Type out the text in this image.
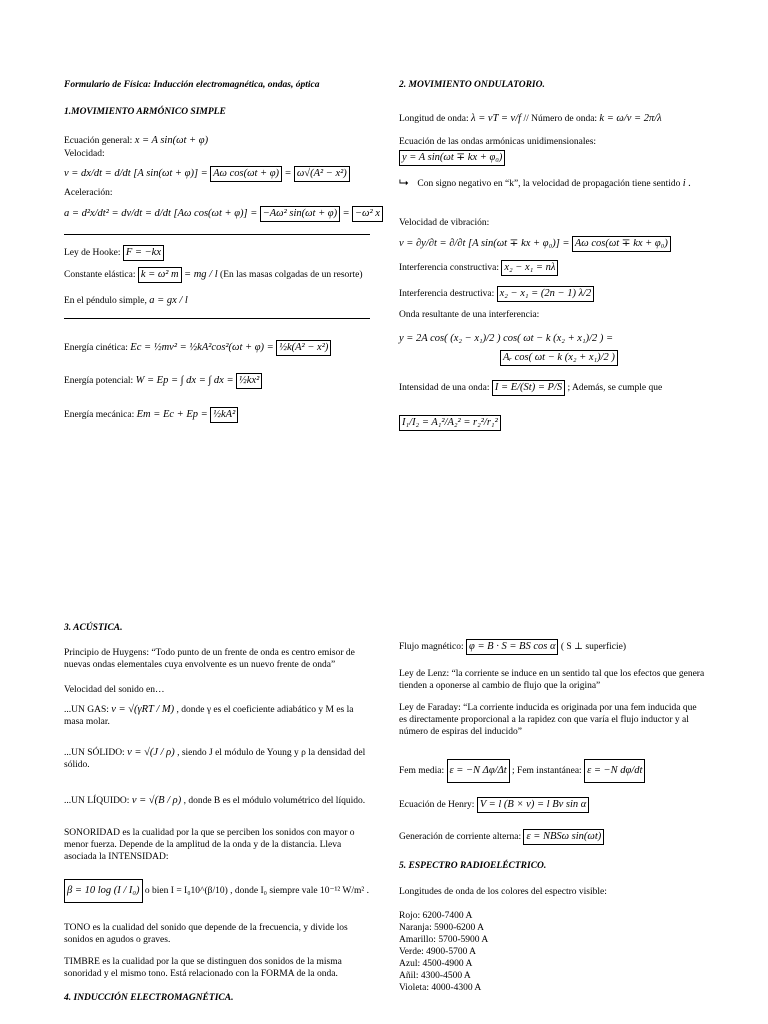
Formulario de Física: Inducción electromagnética, ondas, óptica
1.MOVIMIENTO ARMÓNICO SIMPLE
Ecuación general: x = A sin(ωt + φ)
Velocidad:
v = dx/dt = d/dt [A sin(ωt + φ)] = Aω cos(ωt + φ) = ω√(A² − x²)
Aceleración:
a = d²x/dt² = dv/dt = d/dt [Aω cos(ωt + φ)] = −Aω² sin(ωt + φ) = −ω² x
Ley de Hooke: F = −kx
Constante elástica: k = ω² m = mg / l (En las masas colgadas de un resorte)
En el péndulo simple, a = gx / l
Energía cinética: Ec = ½mv² = ½kA²cos²(ωt + φ) = ½k(A² − x²)
Energía potencial: W = Ep = ∫ dx = ∫ dx = ½kx²
Energía mecánica: Em = Ec + Ep = ½kA²
2. MOVIMIENTO ONDULATORIO.
Longitud de onda: λ = vT = v/f // Número de onda: k = ω/v = 2π/λ
Ecuación de las ondas armónicas unidimensionales:
y = A sin(ωt ∓ kx + φ₀)
⮡ Con signo negativo en “k”, la velocidad de propagación tiene sentido i .
Velocidad de vibración:
v = ∂y/∂t = ∂/∂t [A sin(ωt ∓ kx + φ₀)] = Aω cos(ωt ∓ kx + φ₀)
Interferencia constructiva: x₂ − x₁ = nλ
Interferencia destructiva: x₂ − x₁ = (2n − 1) λ/2
Onda resultante de una interferencia:
y = 2A cos( (x₂ − x₁)/2 ) cos( ωt − k (x₂ + x₁)/2 ) =
Aᵣ cos( ωt − k (x₂ + x₁)/2 )
Intensidad de una onda: I = E/(St) = P/S ; Además, se cumple que
I₁/I₂ = A₁²/A₂² = r₂²/r₁²
3. ACÚSTICA.
Principio de Huygens: “Todo punto de un frente de onda es centro emisor de nuevas ondas elementales cuya envolvente es un nuevo frente de onda”
Velocidad del sonido en…
...UN GAS: v = √(γRT / M) , donde γ es el coeficiente adiabático y M es la masa molar.
...UN SÓLIDO: v = √(J / ρ) , siendo J el módulo de Young y ρ la densidad del sólido.
...UN LÍQUIDO: v = √(B / ρ) , donde B es el módulo volumétrico del líquido.
SONORIDAD es la cualidad por la que se perciben los sonidos con mayor o menor fuerza. Depende de la amplitud de la onda y de la distancia. Lleva asociada la INTENSIDAD:
β = 10 log (I / I₀) o bien I = I₀10^(β/10) , donde I₀ siempre vale 10⁻¹² W/m² .
TONO es la cualidad del sonido que depende de la frecuencia, y divide los sonidos en agudos o graves.
TIMBRE es la cualidad por la que se distinguen dos sonidos de la misma sonoridad y el mismo tono. Está relacionado con la FORMA de la onda.
4. INDUCCIÓN ELECTROMAGNÉTICA.
Flujo magnético: φ = B · S = BS cos α ( S ⊥ superficie)
Ley de Lenz: “la corriente se induce en un sentido tal que los efectos que genera tienden a oponerse al cambio de flujo que la origina”
Ley de Faraday: “La corriente inducida es originada por una fem inducida que es directamente proporcional a la rapidez con que varía el flujo inductor y al número de espiras del inducido”
Fem media: ε = −N Δφ/Δt ; Fem instantánea: ε = −N dφ/dt
Ecuación de Henry: V = l (B × v) = l Bv sin α
Generación de corriente alterna: ε = NBSω sin(ωt)
5. ESPECTRO RADIOELÉCTRICO.
Longitudes de onda de los colores del espectro visible:
Rojo: 6200-7400 A
Naranja: 5900-6200 A
Amarillo: 5700-5900 A
Verde: 4900-5700 A
Azul: 4500-4900 A
Añil: 4300-4500 A
Violeta: 4000-4300 A
